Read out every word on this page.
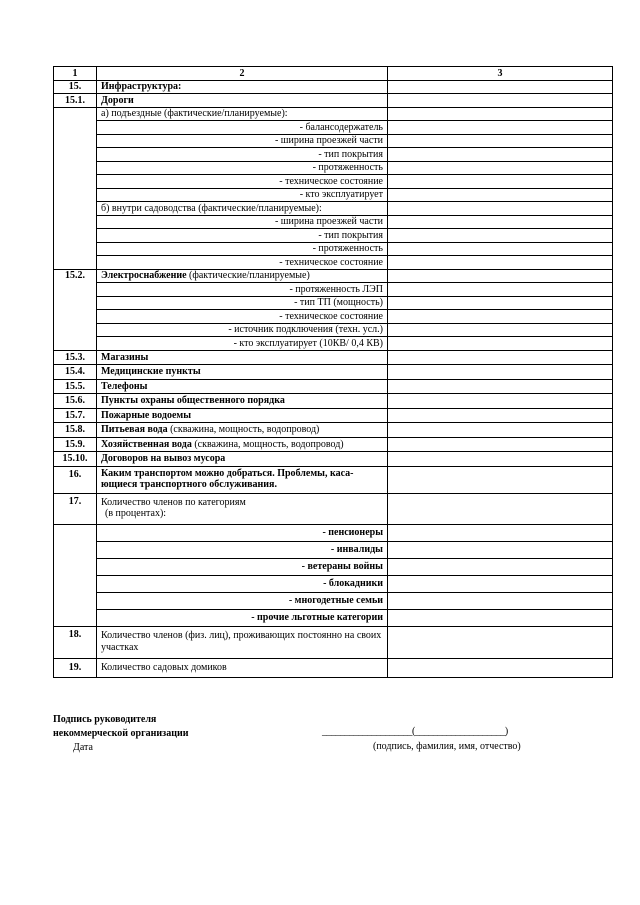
1	2	3
15.	Инфраструктура:	
15.1.	Дороги	
	а) подъездные (фактические/планируемые):	
	- балансодержатель	
	- ширина проезжей части	
	- тип покрытия	
	- протяженность	
	- техническое состояние	
	- кто эксплуатирует	
	б) внутри садоводства (фактические/планируемые):	
	- ширина проезжей части	
	- тип покрытия	
	- протяженность	
	- техническое состояние	
15.2.	Электроснабжение (фактические/планируемые)	
	- протяженность ЛЭП	
	- тип ТП (мощность)	
	- техническое состояние	
	- источник подключения (техн. усл.)	
	- кто эксплуатирует (10КВ/ 0,4 КВ)	
15.3.	Магазины	
15.4.	Медицинские пункты	
15.5.	Телефоны	
15.6.	Пункты охраны общественного порядка	
15.7.	Пожарные водоемы	
15.8.	Питьевая вода (скважина, мощность, водопровод)	
15.9.	Хозяйственная вода (скважина, мощность, водопровод)	
15.10.	Договоров на вывоз мусора	
16.	Каким транспортом можно добраться. Проблемы, каса-ющиеся транспортного обслуживания.	
17.	Количество членов по категориям
(в процентах):	

	- пенсионеры	
	- инвалиды	
	- ветераны войны	
	- блокадники	
	- многодетные семьи	
	- прочие льготные категории	
18.	Количество членов (физ. лиц), проживающих постоянно на своих участках	
19.	Количество садовых домиков	
Подпись руководителя
некоммерческой организации
Дата
____________________(____________________)
(подпись, фамилия, имя, отчество)
